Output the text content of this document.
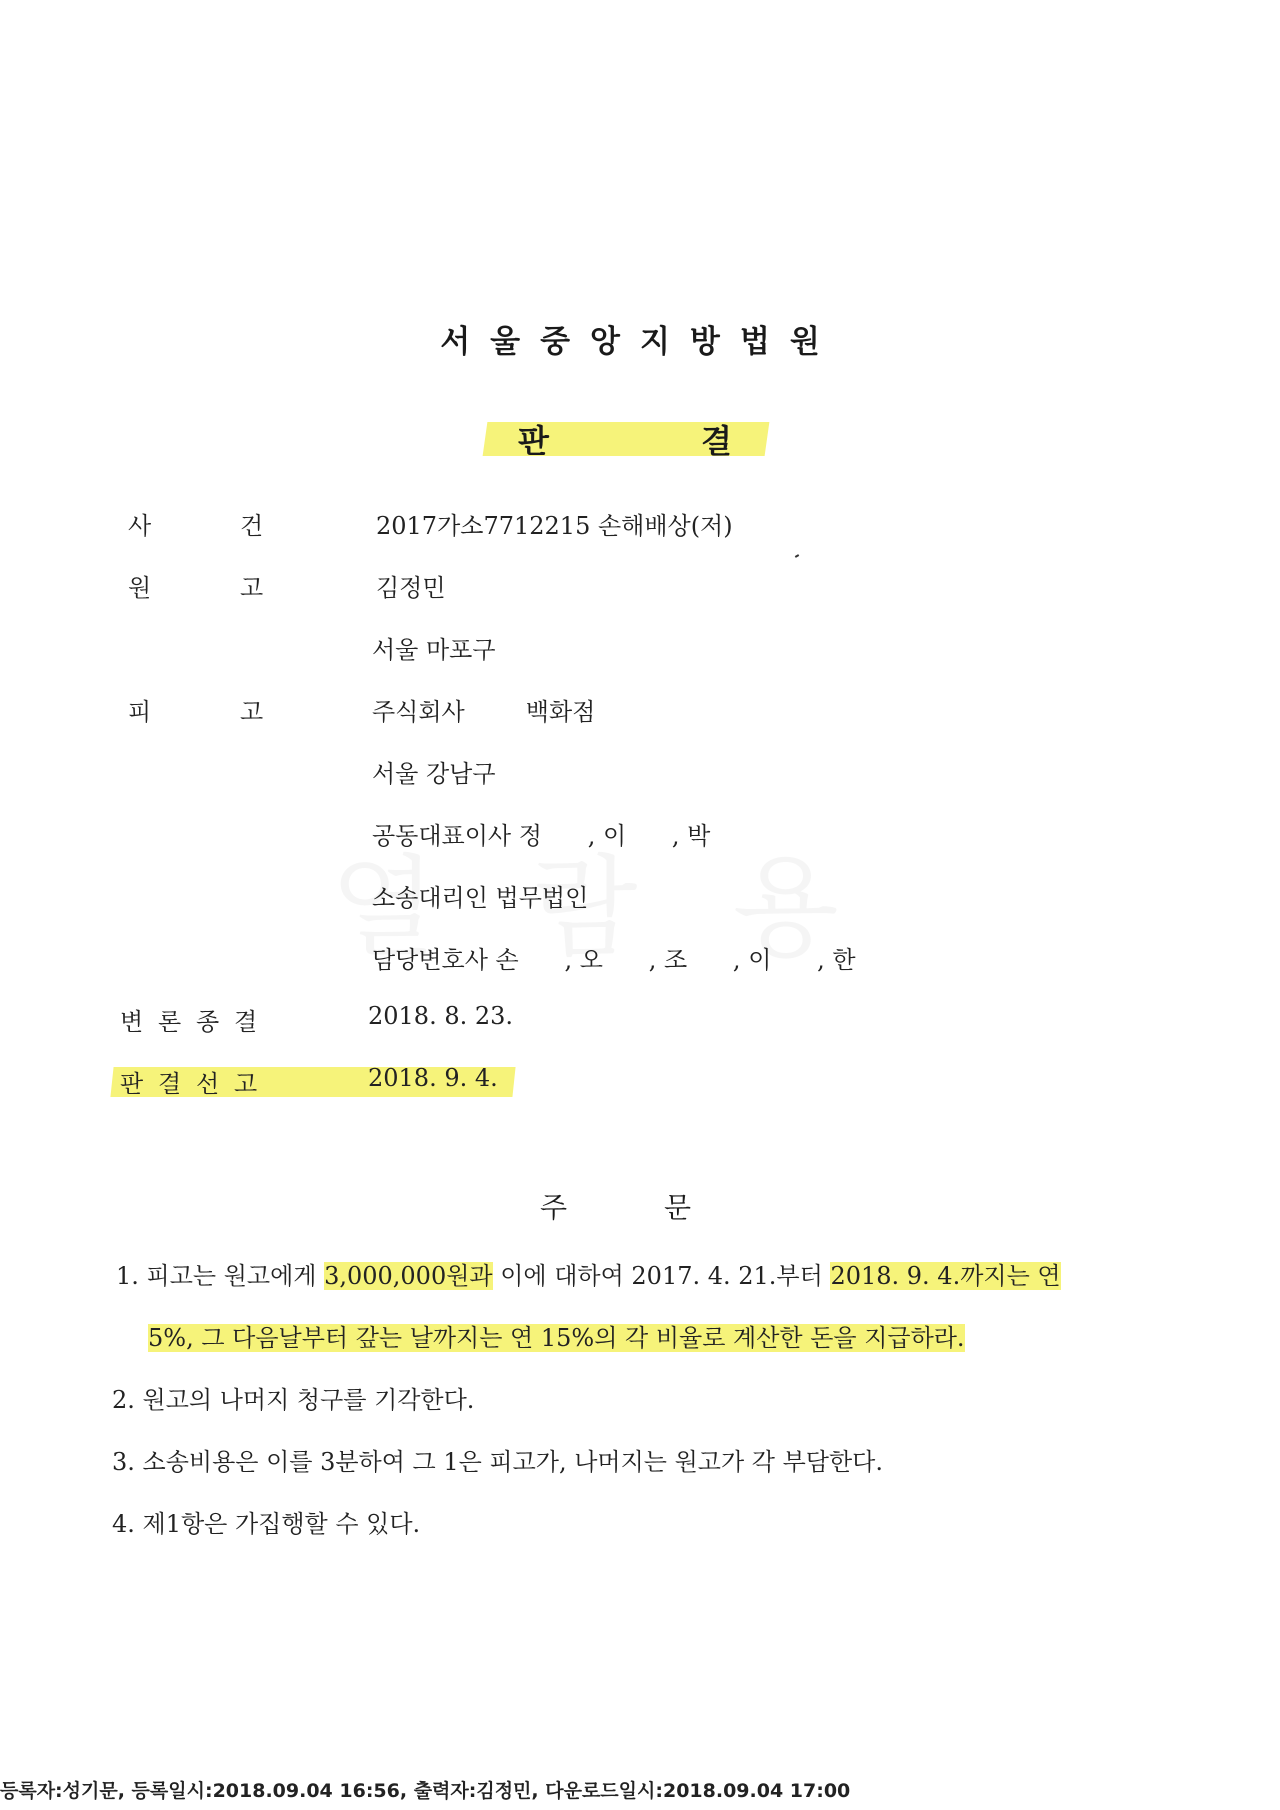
서울중앙지방법원
판	결
사	건	2017가소7712215 손해배상(저)
원	고	김정민
서울 마포구
피	고	주식회사        백화점
서울 강남구
공동대표이사 정      , 이      , 박
소송대리인 법무법인
담당변호사 손      , 오      , 조      , 이      , 한
변 론 종 결	2018. 8. 23.
판 결 선 고	2018. 9. 4.
주	문
1. 피고는 원고에게 3,000,000원과 이에 대하여 2017. 4. 21.부터 2018. 9. 4.까지는 연
5%, 그 다음날부터 갚는 날까지는 연 15%의 각 비율로 계산한 돈을 지급하라.
2. 원고의 나머지 청구를 기각한다.
3. 소송비용은 이를 3분하여 그 1은 피고가, 나머지는 원고가 각 부담한다.
4. 제1항은 가집행할 수 있다.
등록자:성기문, 등록일시:2018.09.04 16:56, 출력자:김정민, 다운로드일시:2018.09.04 17:00
